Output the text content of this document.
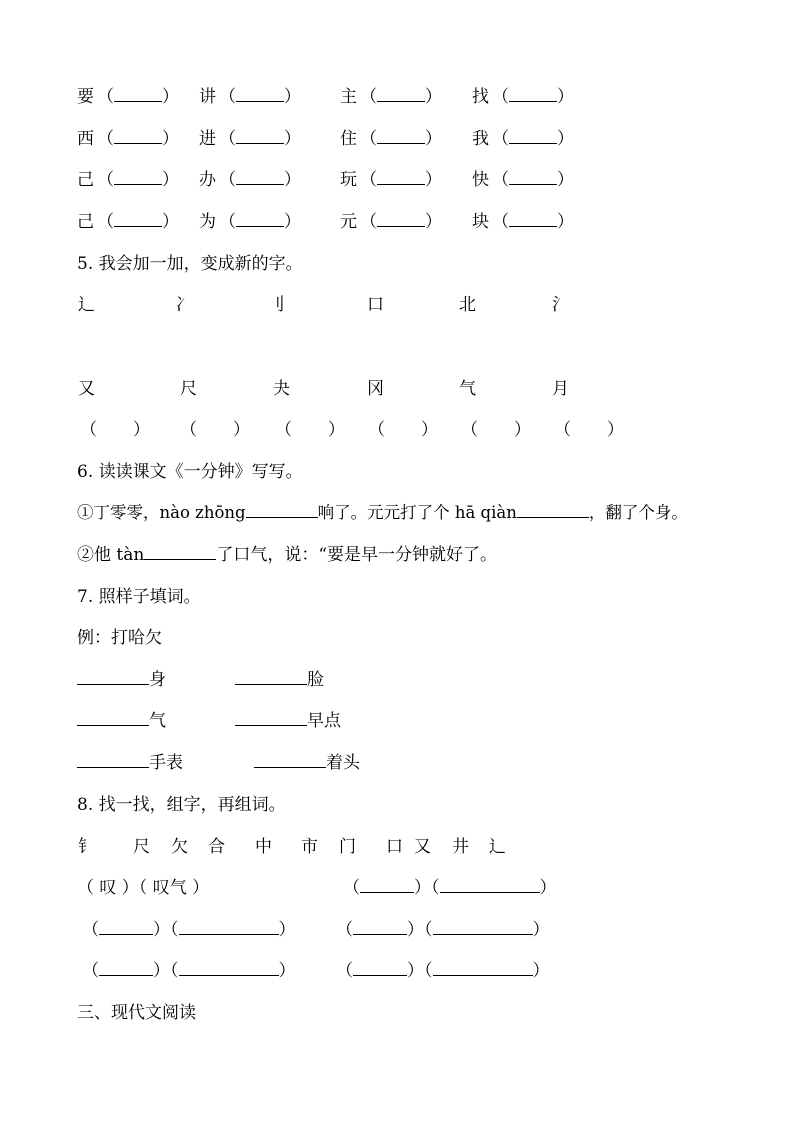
要 （	） 讲 （	） 主 （	） 找 （	）
西 （	） 进 （	） 住 （	） 我 （	）
己 （	） 办 （	） 玩 （	） 快 （	）
己 （	） 为 （	） 元 （	） 块 （	）
5. 我会加一加，变成新的字。
辶	冫	刂	口	北	氵
又	尺	夬	冈	气	月
（ ） （ ） （ ） （ ） （ ） （ ）
6. 读读课文《一分钟》写写。
①丁零零，nào zhōng	响了。元元打了个 hā qiàn	，翻了个身。
②他 tàn	了口气，说：“要是早一分钟就好了。
7. 照样子填词。
例：打哈欠
身	脸
气	早点
手表	着头
8. 找一找，组字，再组词。
钅 尺 欠 合 中 市 门 口 又 井 辶
（ 叹 ）（ 叹气 ）	（	）（	）
（	）（	） （	）（	）
（	）（	） （	）（	）
三、现代文阅读
